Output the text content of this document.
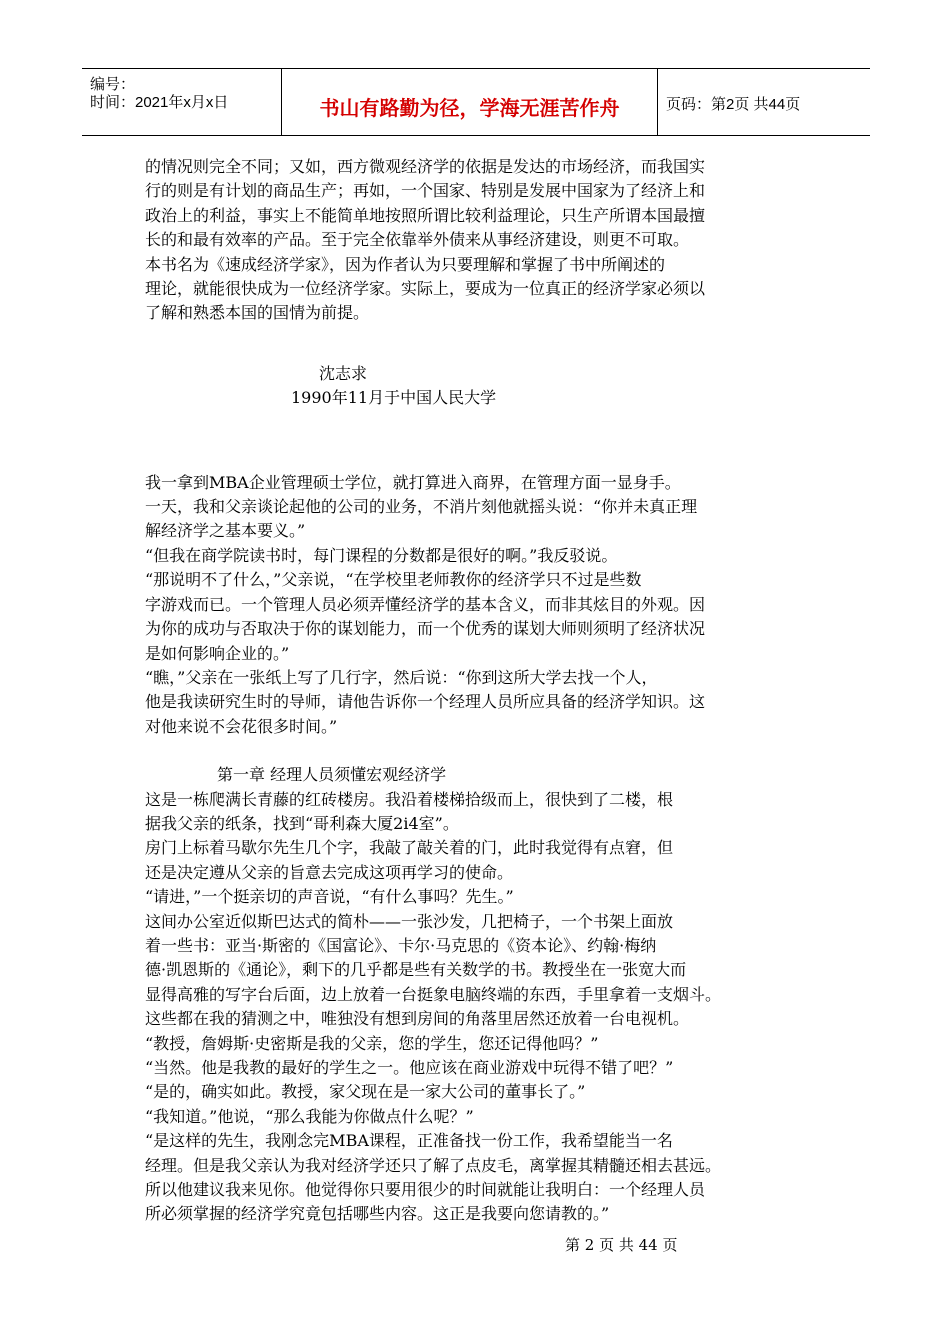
编号：
时间：2021年x月x日	书山有路勤为径，学海无涯苦作舟	页码：第2页 共44页
的情况则完全不同；又如，西方微观经济学的依据是发达的市场经济，而我国实
行的则是有计划的商品生产；再如，一个国家、特别是发展中国家为了经济上和
政治上的利益，事实上不能简单地按照所谓比较利益理论，只生产所谓本国最擅
长的和最有效率的产品。至于完全依靠举外债来从事经济建设，则更不可取。
本书名为《速成经济学家》，因为作者认为只要理解和掌握了书中所阐述的
理论，就能很快成为一位经济学家。实际上，要成为一位真正的经济学家必须以
了解和熟悉本国的国情为前提。
沈志求
1990年11月于中国人民大学
我一拿到MBA企业管理硕士学位，就打算进入商界，在管理方面一显身手。
一天，我和父亲谈论起他的公司的业务，不消片刻他就摇头说：“你并未真正理
解经济学之基本要义。”
“但我在商学院读书时，每门课程的分数都是很好的啊。”我反驳说。
“那说明不了什么，”父亲说，“在学校里老师教你的经济学只不过是些数
字游戏而已。一个管理人员必须弄懂经济学的基本含义，而非其炫目的外观。因
为你的成功与否取决于你的谋划能力，而一个优秀的谋划大师则须明了经济状况
是如何影响企业的。”
“瞧，”父亲在一张纸上写了几行字，然后说：“你到这所大学去找一个人，
他是我读研究生时的导师，请他告诉你一个经理人员所应具备的经济学知识。这
对他来说不会花很多时间。”
第一章 经理人员须懂宏观经济学
这是一栋爬满长青藤的红砖楼房。我沿着楼梯拾级而上，很快到了二楼，根
据我父亲的纸条，找到“哥利森大厦2i4室”。
房门上标着马歇尔先生几个字，我敲了敲关着的门，此时我觉得有点窘，但
还是决定遵从父亲的旨意去完成这项再学习的使命。
“请进，”一个挺亲切的声音说，“有什么事吗？先生。”
这间办公室近似斯巴达式的简朴——一张沙发，几把椅子，一个书架上面放
着一些书：亚当·斯密的《国富论》、卡尔·马克思的《资本论》、约翰·梅纳
德·凯恩斯的《通论》，剩下的几乎都是些有关数学的书。教授坐在一张宽大而
显得高雅的写字台后面，边上放着一台挺象电脑终端的东西，手里拿着一支烟斗。
这些都在我的猜测之中，唯独没有想到房间的角落里居然还放着一台电视机。
“教授，詹姆斯·史密斯是我的父亲，您的学生，您还记得他吗？”
“当然。他是我教的最好的学生之一。他应该在商业游戏中玩得不错了吧？”
“是的，确实如此。教授，家父现在是一家大公司的董事长了。”
“我知道。”他说，“那么我能为你做点什么呢？”
“是这样的先生，我刚念完MBA课程，正准备找一份工作，我希望能当一名
经理。但是我父亲认为我对经济学还只了解了点皮毛，离掌握其精髓还相去甚远。
所以他建议我来见你。他觉得你只要用很少的时间就能让我明白：一个经理人员
所必须掌握的经济学究竟包括哪些内容。这正是我要向您请教的。”
第 2 页 共 44 页
